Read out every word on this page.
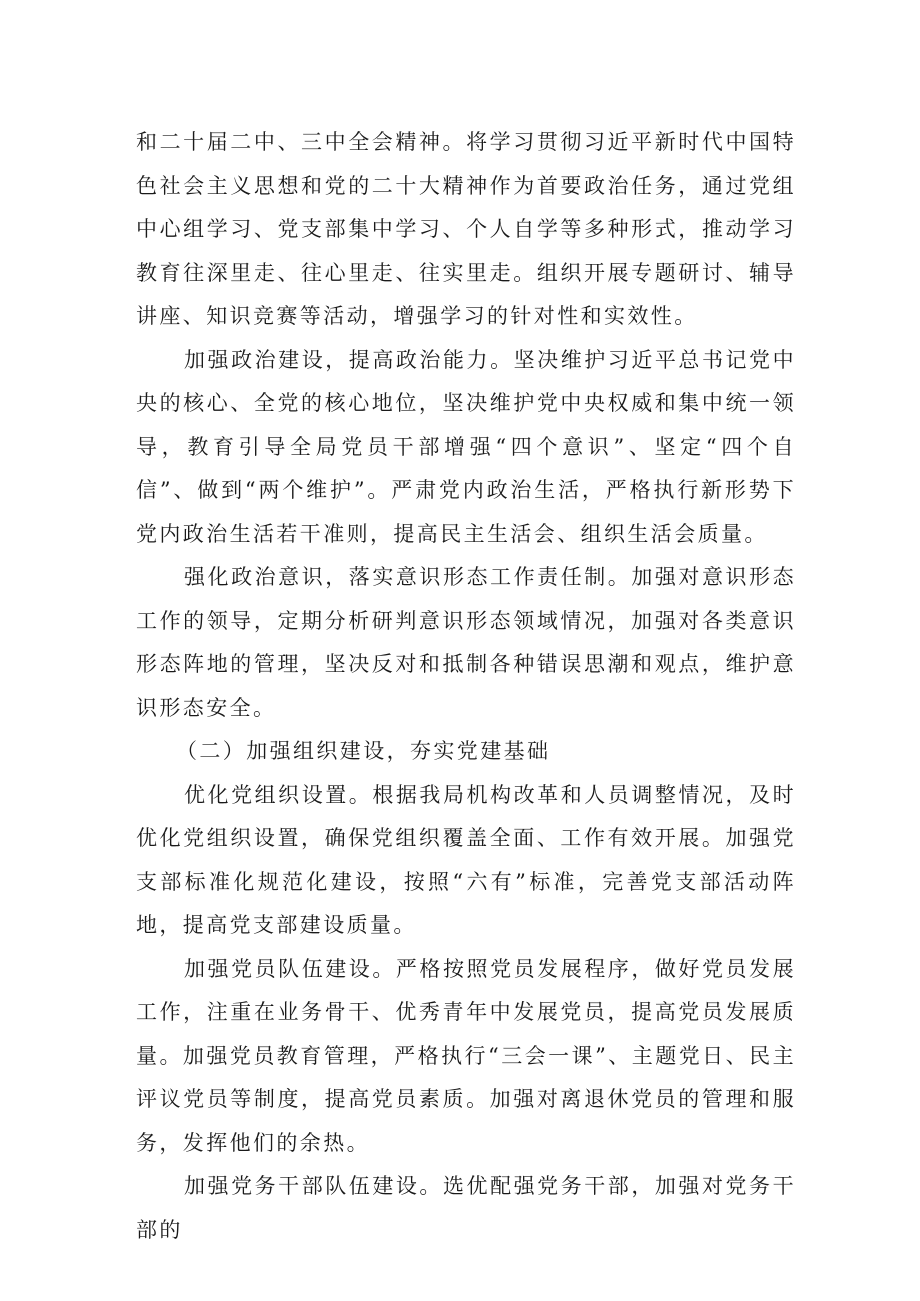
和二十届二中、三中全会精神。将学习贯彻习近平新时代中国特色社会主义思想和党的二十大精神作为首要政治任务，通过党组中心组学习、党支部集中学习、个人自学等多种形式，推动学习教育往深里走、往心里走、往实里走。组织开展专题研讨、辅导讲座、知识竞赛等活动，增强学习的针对性和实效性。

加强政治建设，提高政治能力。坚决维护习近平总书记党中央的核心、全党的核心地位，坚决维护党中央权威和集中统一领导，教育引导全局党员干部增强“四个意识”、坚定“四个自信”、做到“两个维护”。严肃党内政治生活，严格执行新形势下党内政治生活若干准则，提高民主生活会、组织生活会质量。

强化政治意识，落实意识形态工作责任制。加强对意识形态工作的领导，定期分析研判意识形态领域情况，加强对各类意识形态阵地的管理，坚决反对和抵制各种错误思潮和观点，维护意识形态安全。

（二）加强组织建设，夯实党建基础

优化党组织设置。根据我局机构改革和人员调整情况，及时优化党组织设置，确保党组织覆盖全面、工作有效开展。加强党支部标准化规范化建设，按照“六有”标准，完善党支部活动阵地，提高党支部建设质量。

加强党员队伍建设。严格按照党员发展程序，做好党员发展工作，注重在业务骨干、优秀青年中发展党员，提高党员发展质量。加强党员教育管理，严格执行“三会一课”、主题党日、民主评议党员等制度，提高党员素质。加强对离退休党员的管理和服务，发挥他们的余热。

加强党务干部队伍建设。选优配强党务干部，加强对党务干部的
